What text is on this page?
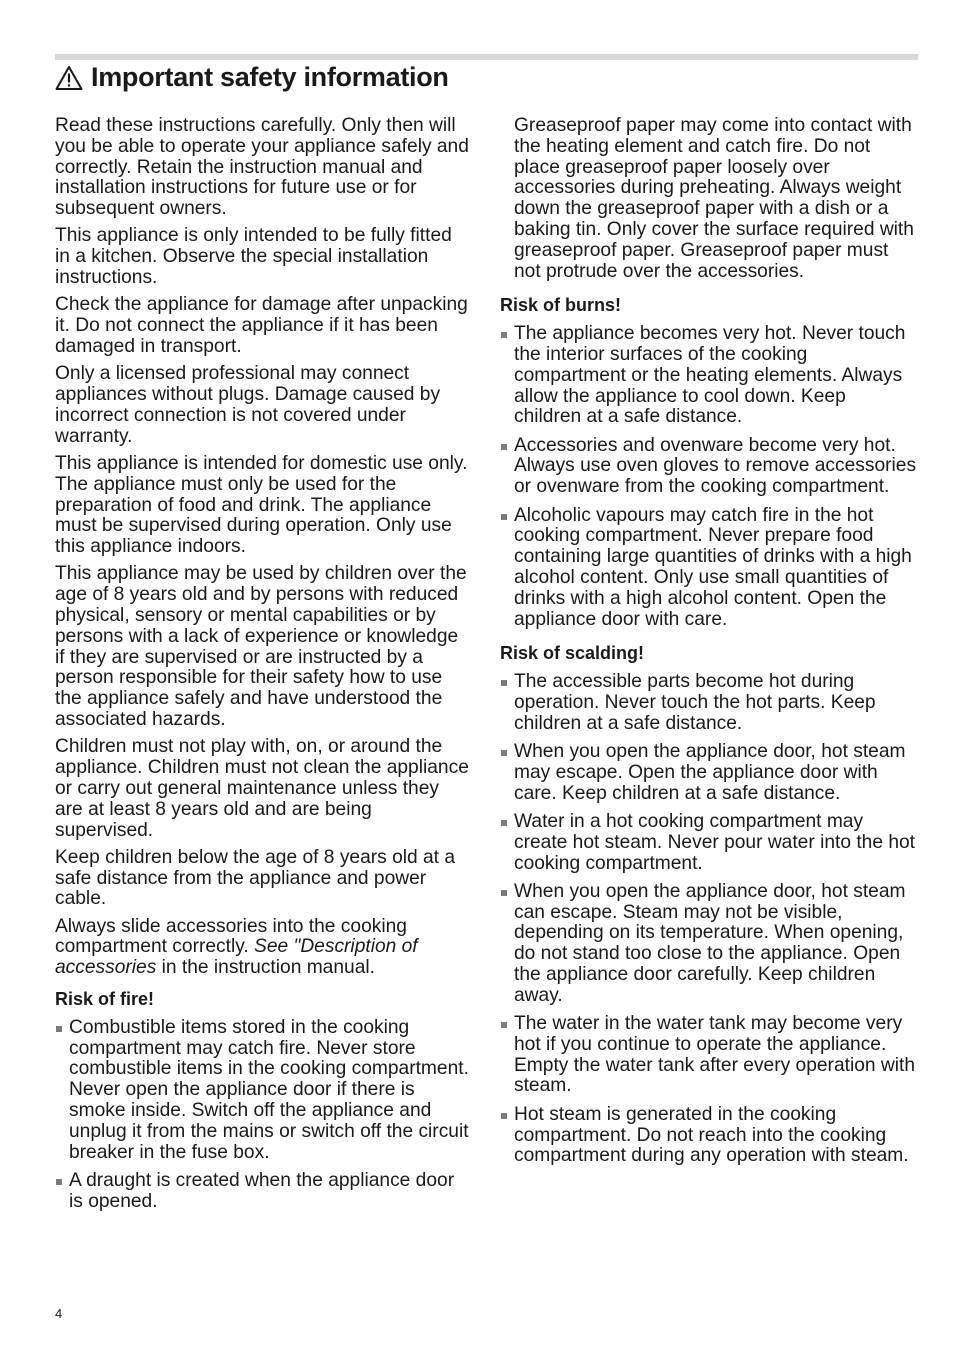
Important safety information

Read these instructions carefully. Only then will you be able to operate your appliance safely and correctly. Retain the instruction manual and installation instructions for future use or for subsequent owners.

This appliance is only intended to be fully fitted in a kitchen. Observe the special installation instructions.

Check the appliance for damage after unpacking it. Do not connect the appliance if it has been damaged in transport.

Only a licensed professional may connect appliances without plugs. Damage caused by incorrect connection is not covered under warranty.

This appliance is intended for domestic use only. The appliance must only be used for the preparation of food and drink. The appliance must be supervised during operation. Only use this appliance indoors.

This appliance may be used by children over the age of 8 years old and by persons with reduced physical, sensory or mental capabilities or by persons with a lack of experience or knowledge if they are supervised or are instructed by a person responsible for their safety how to use the appliance safely and have understood the associated hazards.

Children must not play with, on, or around the appliance. Children must not clean the appliance or carry out general maintenance unless they are at least 8 years old and are being supervised.

Keep children below the age of 8 years old at a safe distance from the appliance and power cable.

Always slide accessories into the cooking compartment correctly. See "Description of accessories in the instruction manual.

Risk of fire!
Combustible items stored in the cooking compartment may catch fire. Never store combustible items in the cooking compartment. Never open the appliance door if there is smoke inside. Switch off the appliance and unplug it from the mains or switch off the circuit breaker in the fuse box.
A draught is created when the appliance door is opened.

Greaseproof paper may come into contact with the heating element and catch fire. Do not place greaseproof paper loosely over accessories during preheating. Always weight down the greaseproof paper with a dish or a baking tin. Only cover the surface required with greaseproof paper. Greaseproof paper must not protrude over the accessories.

Risk of burns!
The appliance becomes very hot. Never touch the interior surfaces of the cooking compartment or the heating elements. Always allow the appliance to cool down. Keep children at a safe distance.
Accessories and ovenware become very hot. Always use oven gloves to remove accessories or ovenware from the cooking compartment.
Alcoholic vapours may catch fire in the hot cooking compartment. Never prepare food containing large quantities of drinks with a high alcohol content. Only use small quantities of drinks with a high alcohol content. Open the appliance door with care.
Risk of scalding!
The accessible parts become hot during operation. Never touch the hot parts. Keep children at a safe distance.
When you open the appliance door, hot steam may escape. Open the appliance door with care. Keep children at a safe distance.
Water in a hot cooking compartment may create hot steam. Never pour water into the hot cooking compartment.
When you open the appliance door, hot steam can escape. Steam may not be visible, depending on its temperature. When opening, do not stand too close to the appliance. Open the appliance door carefully. Keep children away.
The water in the water tank may become very hot if you continue to operate the appliance. Empty the water tank after every operation with steam.
Hot steam is generated in the cooking compartment. Do not reach into the cooking compartment during any operation with steam.
4
